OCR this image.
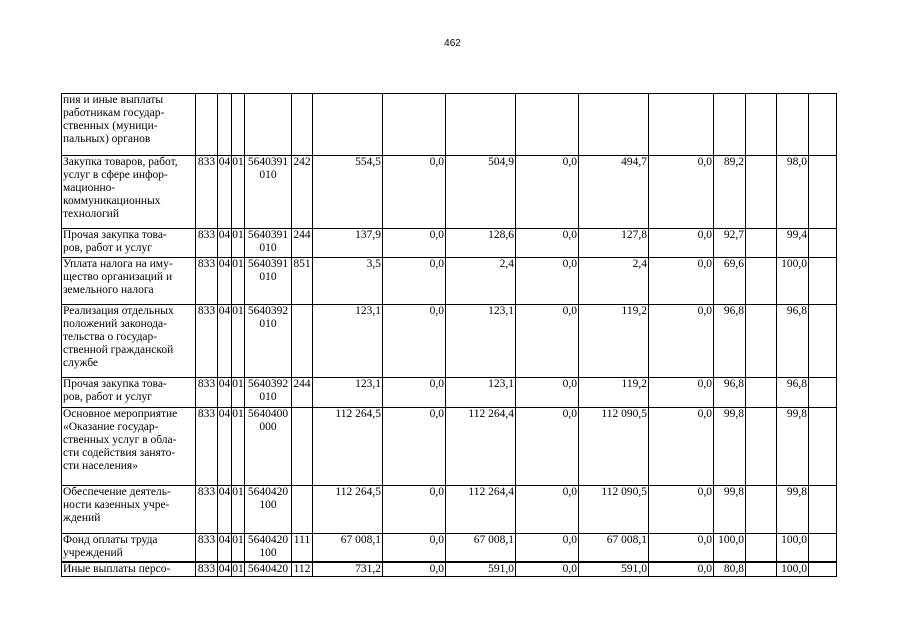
462
пия и иные выплаты
работникам государ-
ственных (муници-
пальных) органов															
Закупка товаров, работ,
услуг в сфере инфор-
мационно-
коммуникационных
технологий	833	04	01	5640391
010	242	554,5	0,0	504,9	0,0	494,7	0,0	89,2		98,0	
Прочая закупка това-
ров, работ и услуг	833	04	01	5640391
010	244	137,9	0,0	128,6	0,0	127,8	0,0	92,7		99,4	
Уплата налога на иму-
щество организаций и
земельного налога	833	04	01	5640391
010	851	3,5	0,0	2,4	0,0	2,4	0,0	69,6		100,0	
Реализация отдельных
положений законода-
тельства о государ-
ственной гражданской
службе	833	04	01	5640392
010		123,1	0,0	123,1	0,0	119,2	0,0	96,8		96,8	
Прочая закупка това-
ров, работ и услуг	833	04	01	5640392
010	244	123,1	0,0	123,1	0,0	119,2	0,0	96,8		96,8	
Основное мероприятие
«Оказание государ-
ственных услуг в обла-
сти содействия занято-
сти населения»	833	04	01	5640400
000		112 264,5	0,0	112 264,4	0,0	112 090,5	0,0	99,8		99,8	
Обеспечение деятель-
ности казенных учре-
ждений	833	04	01	5640420
100		112 264,5	0,0	112 264,4	0,0	112 090,5	0,0	99,8		99,8	
Фонд оплаты труда
учреждений	833	04	01	5640420
100	111	67 008,1	0,0	67 008,1	0,0	67 008,1	0,0	100,0		100,0	
Иные выплаты персо-	833	04	01	5640420	112	731,2	0,0	591,0	0,0	591,0	0,0	80,8		100,0	
